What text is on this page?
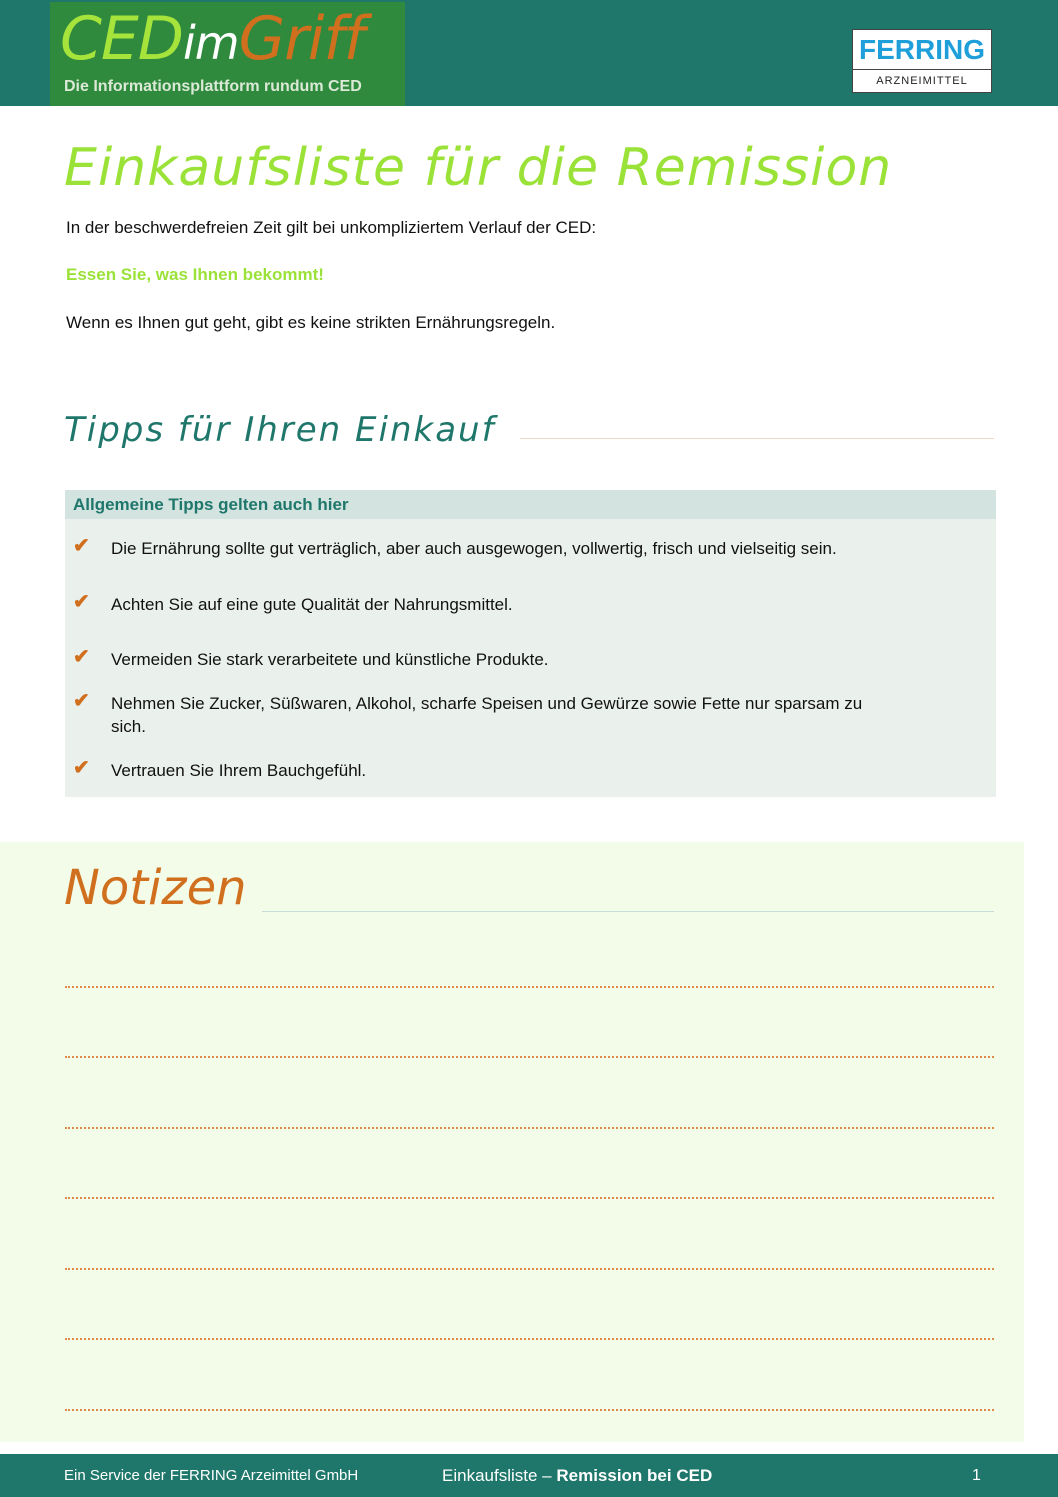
CEDimGriff
Die Informationsplattform rundum CED
FERRING
ARZNEIMITTEL
Einkaufsliste für die Remission
In der beschwerdefreien Zeit gilt bei unkompliziertem Verlauf der CED:
Essen Sie, was Ihnen bekommt!
Wenn es Ihnen gut geht, gibt es keine strikten Ernährungsregeln.
Tipps für Ihren Einkauf
Allgemeine Tipps gelten auch hier
✔ Die Ernährung sollte gut verträglich, aber auch ausgewogen, vollwertig, frisch und vielseitig sein.
✔ Achten Sie auf eine gute Qualität der Nahrungsmittel.
✔ Vermeiden Sie stark verarbeitete und künstliche Produkte.
✔ Nehmen Sie Zucker, Süßwaren, Alkohol, scharfe Speisen und Gewürze sowie Fette nur sparsam zu sich.
✔ Vertrauen Sie Ihrem Bauchgefühl.
Notizen
Ein Service der FERRING Arzeimittel GmbH	Einkaufsliste – Remission bei CED	1
